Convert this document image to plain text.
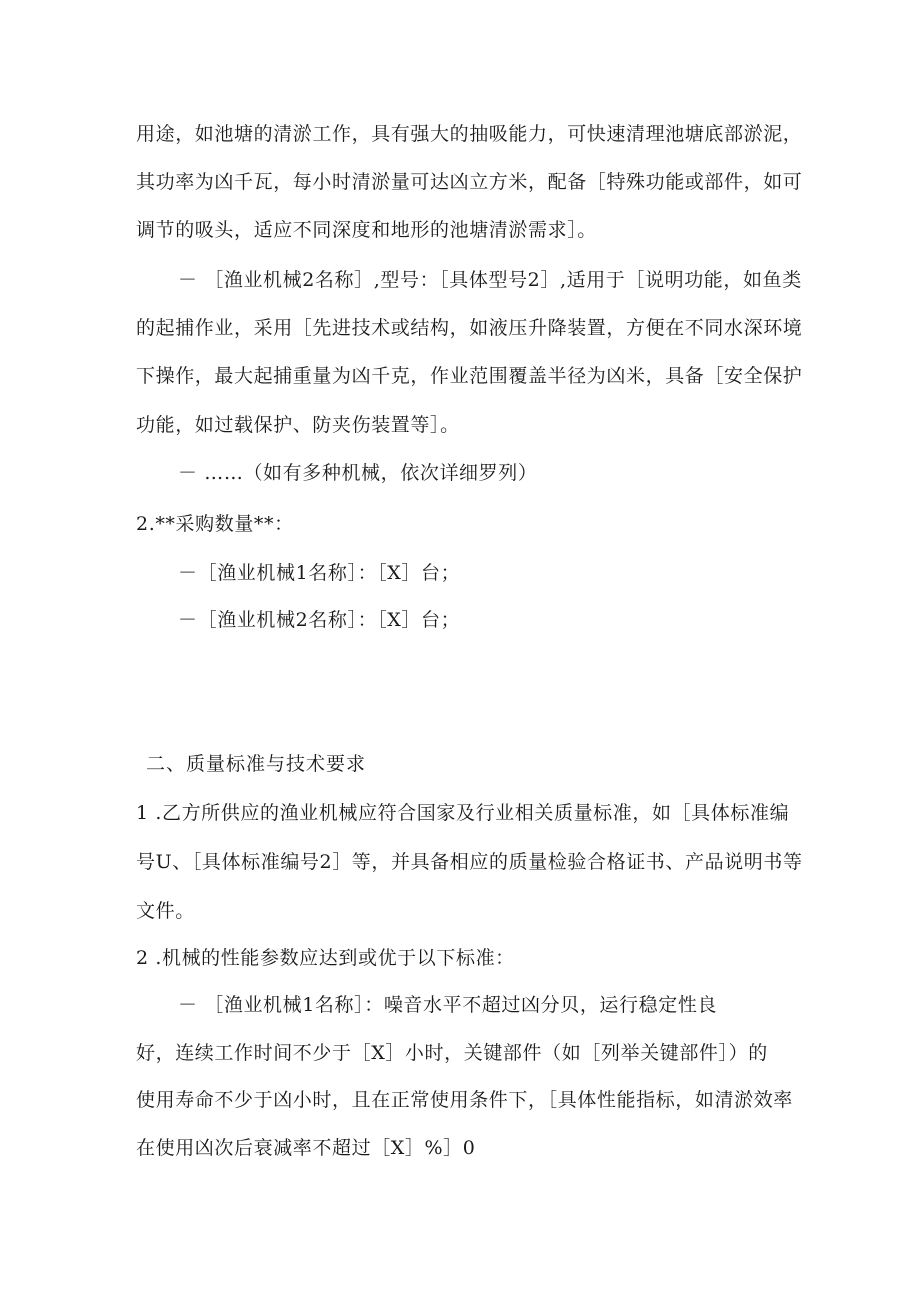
用途，如池塘的清淤工作，具有强大的抽吸能力，可快速清理池塘底部淤泥，
其功率为凶千瓦，每小时清淤量可达凶立方米，配备［特殊功能或部件，如可
调节的吸头，适应不同深度和地形的池塘清淤需求］。
－ ［渔业机械2名称］,型号：［具体型号2］,适用于［说明功能，如鱼类
的起捕作业，采用［先进技术或结构，如液压升降装置，方便在不同水深环境
下操作，最大起捕重量为凶千克，作业范围覆盖半径为凶米，具备［安全保护
功能，如过载保护、防夹伤装置等］。
－ ……（如有多种机械，依次详细罗列）
2.**采购数量**：
－［渔业机械1名称］：［X］台；
－［渔业机械2名称］：［X］台；
二、质量标准与技术要求
1 .乙方所供应的渔业机械应符合国家及行业相关质量标准，如［具体标准编
号U、［具体标准编号2］等，并具备相应的质量检验合格证书、产品说明书等
文件。
2 .机械的性能参数应达到或优于以下标准：
－ ［渔业机械1名称］：噪音水平不超过凶分贝，运行稳定性良
好，连续工作时间不少于［X］小时，关键部件（如［列举关键部件］）的
使用寿命不少于凶小时，且在正常使用条件下，［具体性能指标，如清淤效率
在使用凶次后衰减率不超过［X］%］0
